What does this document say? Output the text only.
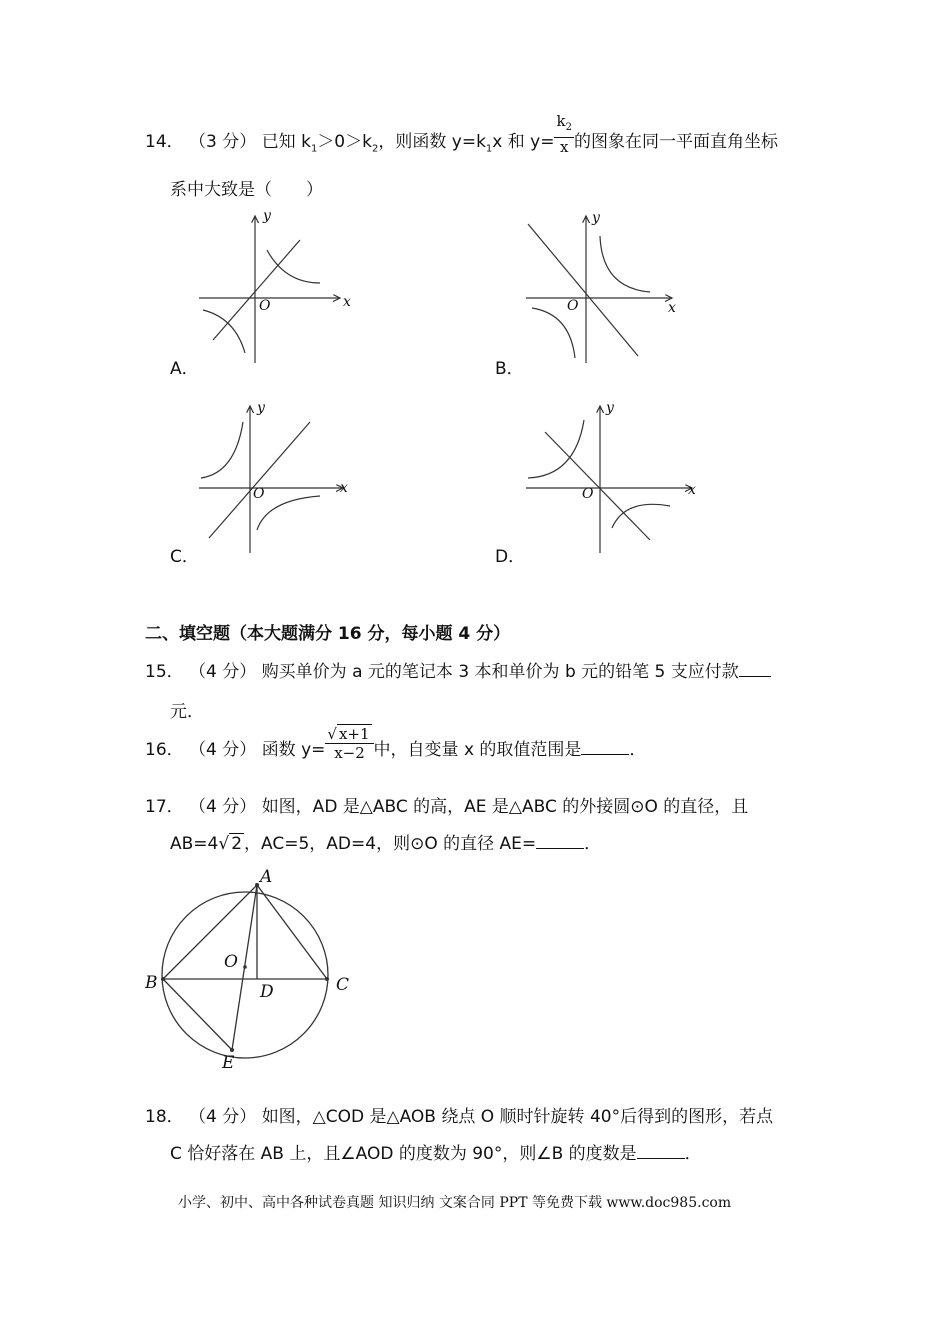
14． （3 分） 已知 $k_1>0>k_2$，则函数 $y=k_1x$ 和 $y= \frac{k_2}{x}$ 的图象在同一平面直角坐标
系中大致是（　　）
x
y
O
A．
x
y
O
B．
x
y
O
C．
x
y
O
D．
二、填空题（本大题满分 16 分，每小题 4 分）
15． （4 分） 购买单价为 a 元的笔记本 3 本和单价为 b 元的铅笔 5 支应付款
元．
16． （4 分） 函数 $y= \frac{√ x+1}{x-2}$ 中，自变量 x 的取值范围是	．
17． （4 分） 如图，AD 是△ABC 的高，AE 是△ABC 的外接圆⊙O 的直径，且
AB=4√ 2 ，AC=5，AD=4，则⊙O 的直径 AE=	．
A
B	C
D
E
O
18． （4 分） 如图，△COD 是△AOB 绕点 O 顺时针旋转 40°后得到的图形，若点
C 恰好落在 AB 上，且∠AOD 的度数为 90°，则∠B 的度数是	．
小学、初中、高中各种试卷真题 知识归纳 文案合同 PPT 等免费下载 www.doc985.com
